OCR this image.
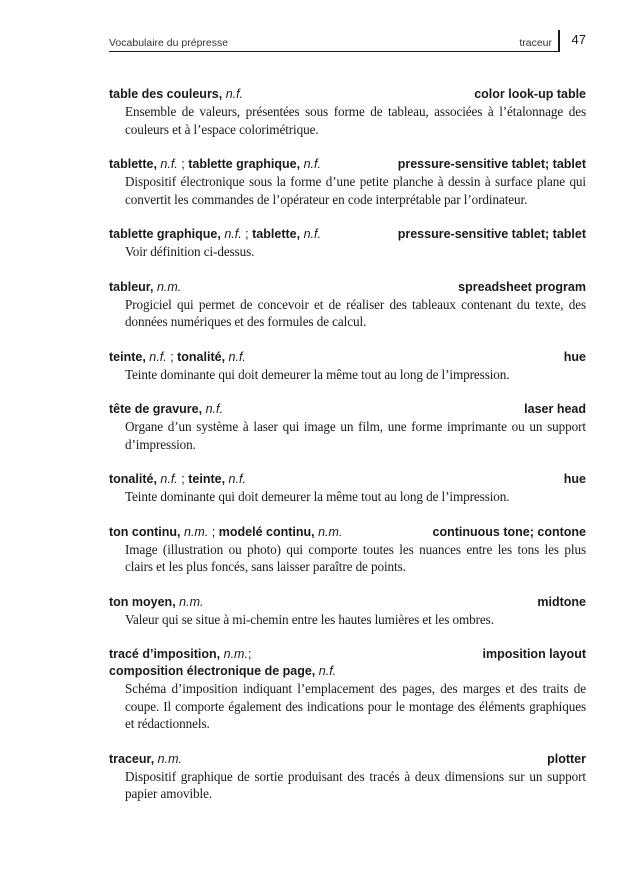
Vocabulaire du prépresse	traceur 47
table des couleurs, n.f.	color look-up table
Ensemble de valeurs, présentées sous forme de tableau, associées à l’étalonnage des couleurs et à l’espace colorimétrique.
tablette, n.f. ; tablette graphique, n.f.	pressure-sensitive tablet; tablet
Dispositif électronique sous la forme d’une petite planche à dessin à surface plane qui convertit les commandes de l’opérateur en code interprétable par l’ordinateur.
tablette graphique, n.f. ; tablette, n.f.	pressure-sensitive tablet; tablet
Voir définition ci-dessus.
tableur, n.m.	spreadsheet program
Progiciel qui permet de concevoir et de réaliser des tableaux contenant du texte, des données numériques et des formules de calcul.
teinte, n.f. ; tonalité, n.f.	hue
Teinte dominante qui doit demeurer la même tout au long de l’impression.
tête de gravure, n.f.	laser head
Organe d’un système à laser qui image un film, une forme imprimante ou un support d’impression.
tonalité, n.f. ; teinte, n.f.	hue
Teinte dominante qui doit demeurer la même tout au long de l’impression.
ton continu, n.m. ; modelé continu, n.m.	continuous tone; contone
Image (illustration ou photo) qui comporte toutes les nuances entre les tons les plus clairs et les plus foncés, sans laisser paraître de points.
ton moyen, n.m.	midtone
Valeur qui se situe à mi-chemin entre les hautes lumières et les ombres.
tracé d’imposition, n.m.;	imposition layout
composition électronique de page, n.f.
Schéma d’imposition indiquant l’emplacement des pages, des marges et des traits de coupe. Il comporte également des indications pour le montage des éléments graphiques et rédactionnels.
traceur, n.m.	plotter
Dispositif graphique de sortie produisant des tracés à deux dimensions sur un support papier amovible.
